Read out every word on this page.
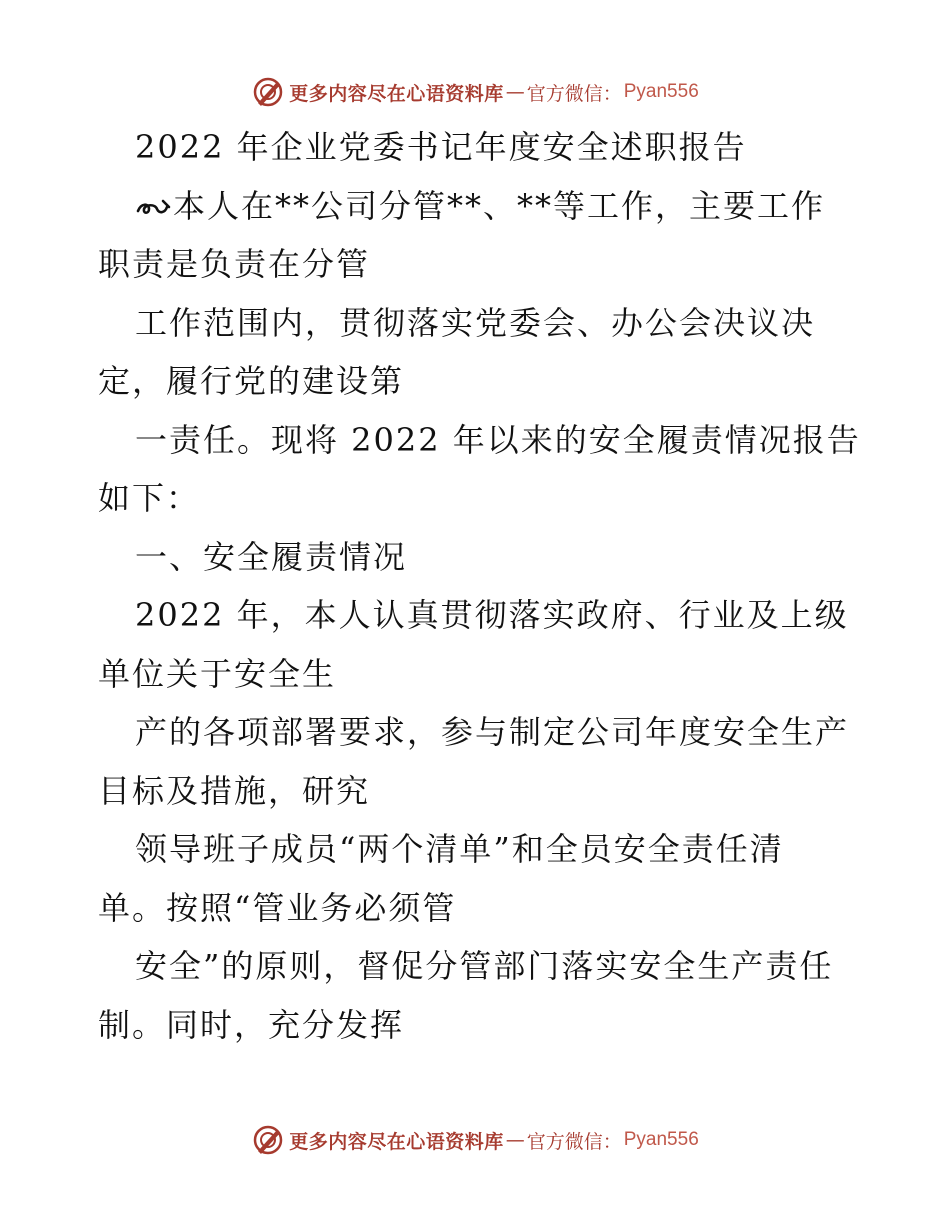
更多内容尽在心语资料库 — 官方微信： Pyan556
2022 年企业党委书记年度安全述职报告
本人在**公司分管**、**等工作，主要工作
职责是负责在分管
工作范围内，贯彻落实党委会、办公会决议决
定，履行党的建设第
一责任。现将 2022 年以来的安全履责情况报告
如下：
一、安全履责情况
2022 年，本人认真贯彻落实政府、行业及上级
单位关于安全生
产的各项部署要求，参与制定公司年度安全生产
目标及措施，研究
领导班子成员“两个清单”和全员安全责任清
单。按照“管业务必须管
安全”的原则，督促分管部门落实安全生产责任
制。同时，充分发挥
更多内容尽在心语资料库 — 官方微信： Pyan556
